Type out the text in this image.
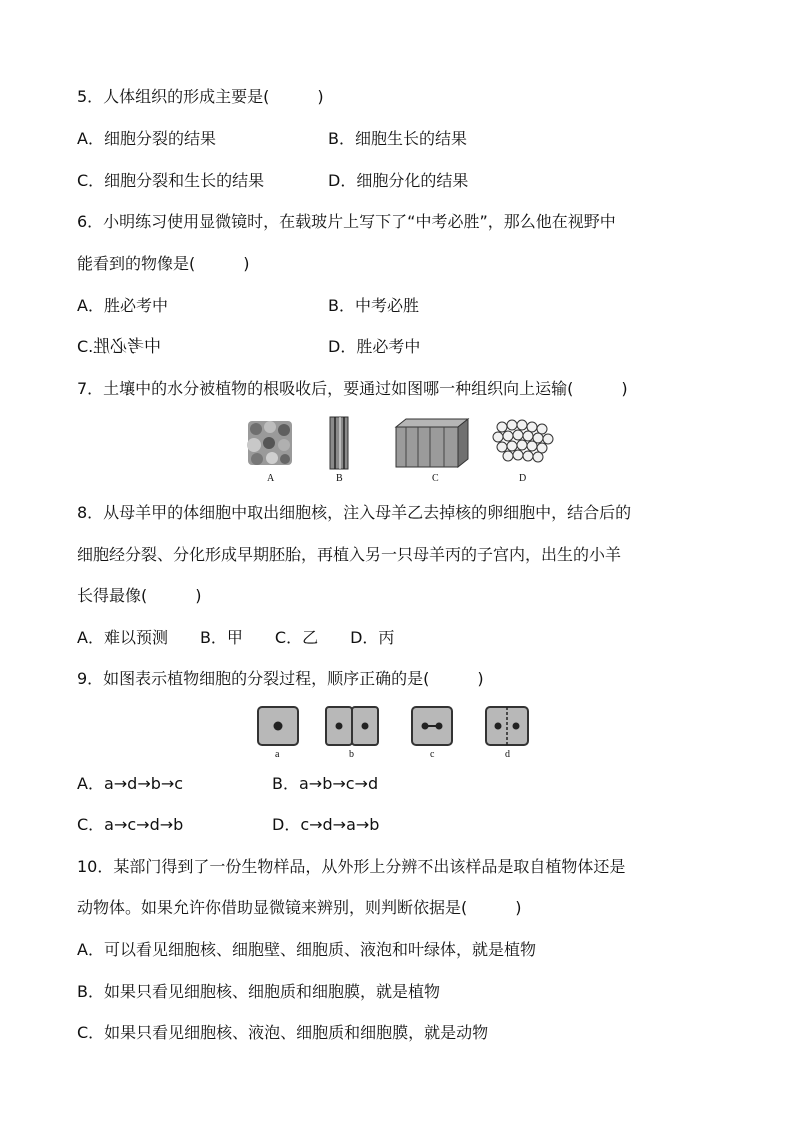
5．人体组织的形成主要是(　　　)
A．细胞分裂的结果	B．细胞生长的结果
C．细胞分裂和生长的结果	D．细胞分化的结果
6．小明练习使用显微镜时，在载玻片上写下了“中考必胜”，那么他在视野中
能看到的物像是(　　　)
A．胜必考中	B．中考必胜
C.中考必胜	D．胜必考中
7．土壤中的水分被植物的根吸收后，要通过如图哪一种组织向上运输(　　　)
A	B	C	D
8．从母羊甲的体细胞中取出细胞核，注入母羊乙去掉核的卵细胞中，结合后的
细胞经分裂、分化形成早期胚胎，再植入另一只母羊丙的子宫内，出生的小羊
长得最像(　　　)
A．难以预测　　B．甲　　C．乙　　D．丙
9．如图表示植物细胞的分裂过程，顺序正确的是(　　　)
a	b	c	d
A．a→d→b→c	B．a→b→c→d
C．a→c→d→b	D．c→d→a→b
10．某部门得到了一份生物样品，从外形上分辨不出该样品是取自植物体还是
动物体。如果允许你借助显微镜来辨别，则判断依据是(　　　)
A．可以看见细胞核、细胞壁、细胞质、液泡和叶绿体，就是植物
B．如果只看见细胞核、细胞质和细胞膜，就是植物
C．如果只看见细胞核、液泡、细胞质和细胞膜，就是动物
